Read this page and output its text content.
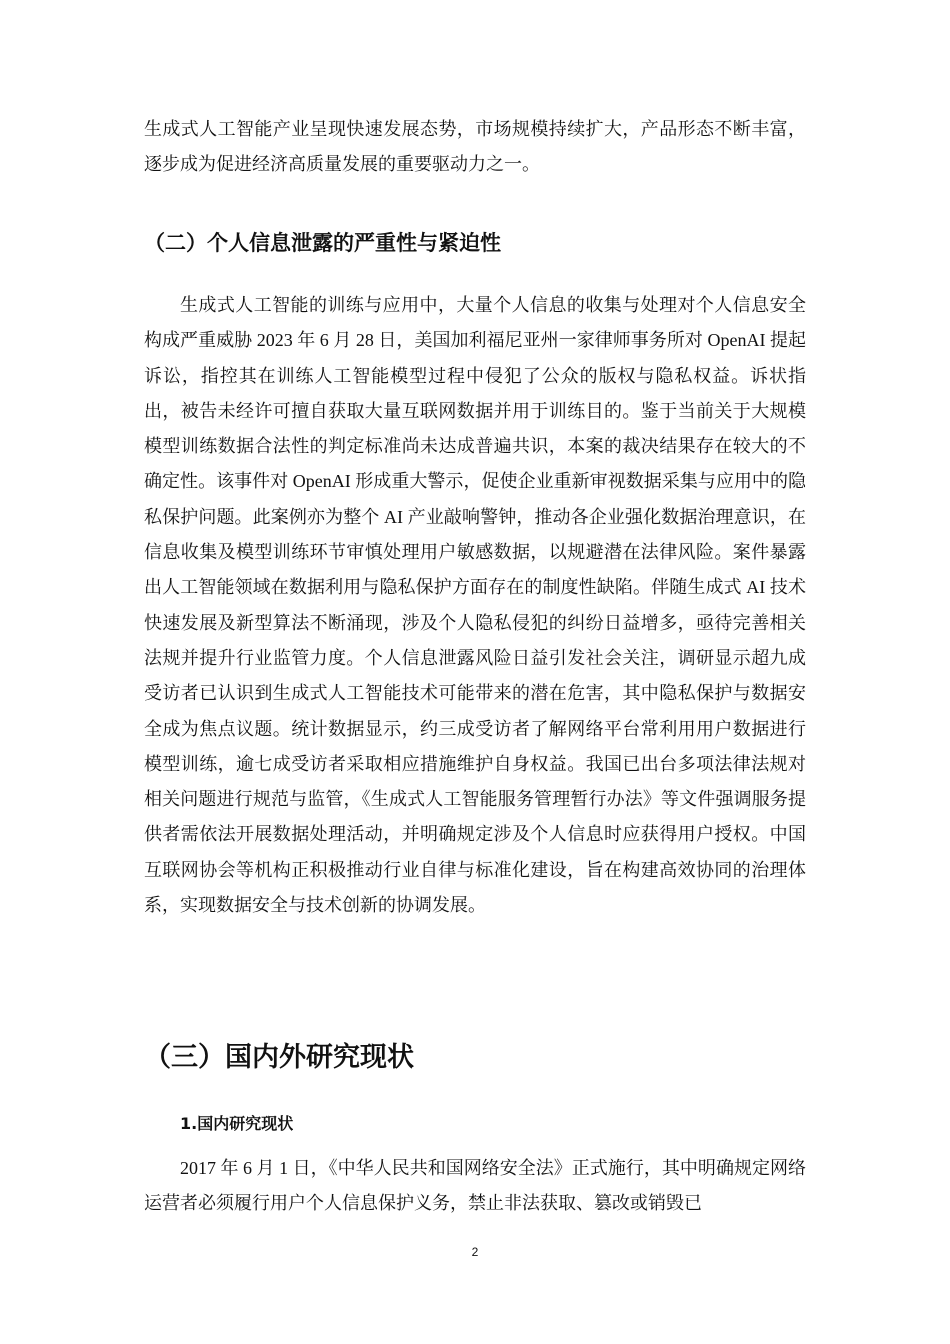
生成式人工智能产业呈现快速发展态势，市场规模持续扩大，产品形态不断丰富，逐步成为促进经济高质量发展的重要驱动力之一。

（二）个人信息泄露的严重性与紧迫性

生成式人工智能的训练与应用中，大量个人信息的收集与处理对个人信息安全构成严重威胁 2023 年 6 月 28 日，美国加利福尼亚州一家律师事务所对 OpenAI 提起诉讼，指控其在训练人工智能模型过程中侵犯了公众的版权与隐私权益。诉状指出，被告未经许可擅自获取大量互联网数据并用于训练目的。鉴于当前关于大规模模型训练数据合法性的判定标准尚未达成普遍共识，本案的裁决结果存在较大的不确定性。该事件对 OpenAI 形成重大警示，促使企业重新审视数据采集与应用中的隐私保护问题。此案例亦为整个 AI 产业敲响警钟，推动各企业强化数据治理意识，在信息收集及模型训练环节审慎处理用户敏感数据，以规避潜在法律风险。案件暴露出人工智能领域在数据利用与隐私保护方面存在的制度性缺陷。伴随生成式 AI 技术快速发展及新型算法不断涌现，涉及个人隐私侵犯的纠纷日益增多，亟待完善相关法规并提升行业监管力度。个人信息泄露风险日益引发社会关注，调研显示超九成受访者已认识到生成式人工智能技术可能带来的潜在危害，其中隐私保护与数据安全成为焦点议题。统计数据显示，约三成受访者了解网络平台常利用用户数据进行模型训练，逾七成受访者采取相应措施维护自身权益。我国已出台多项法律法规对相关问题进行规范与监管，《生成式人工智能服务管理暂行办法》等文件强调服务提供者需依法开展数据处理活动，并明确规定涉及个人信息时应获得用户授权。中国互联网协会等机构正积极推动行业自律与标准化建设，旨在构建高效协同的治理体系，实现数据安全与技术创新的协调发展。

（三）国内外研究现状
1.国内研究现状

2017 年 6 月 1 日，《中华人民共和国网络安全法》正式施行，其中明确规定网络运营者必须履行用户个人信息保护义务，禁止非法获取、篡改或销毁已

2
